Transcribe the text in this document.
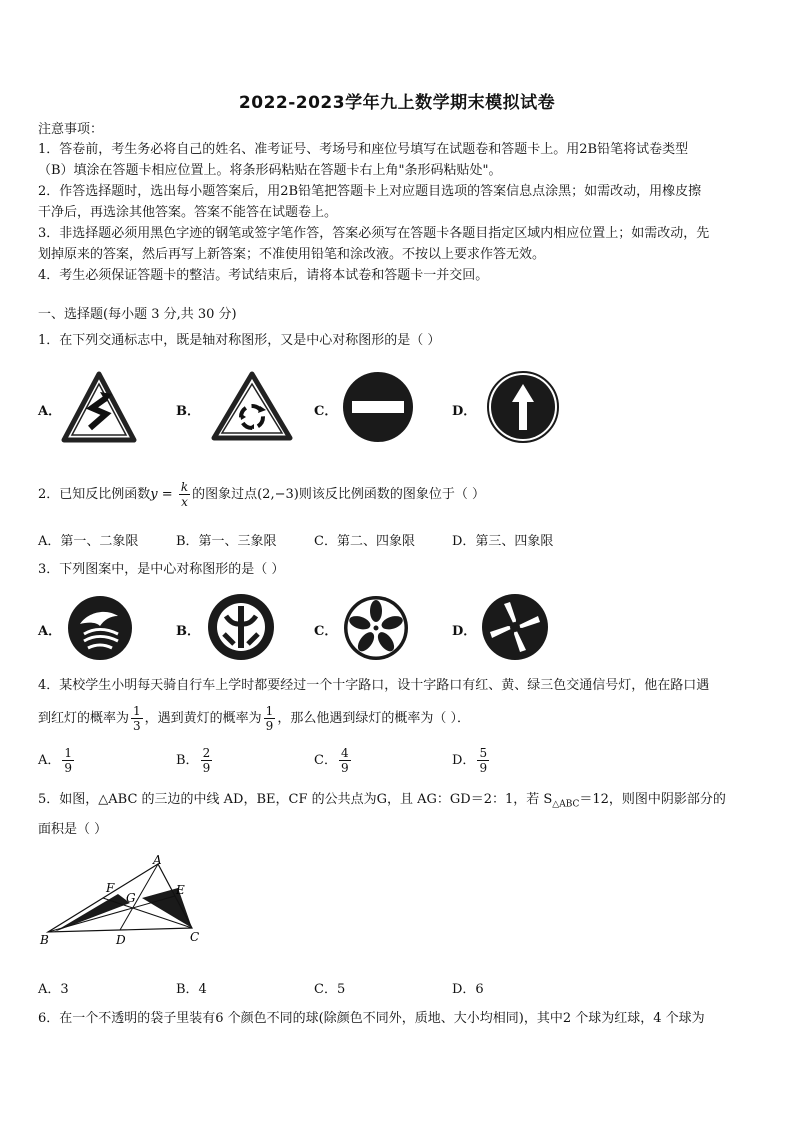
2022-2023学年九上数学期末模拟试卷
注意事项：
1．答卷前，考生务必将自己的姓名、准考证号、考场号和座位号填写在试题卷和答题卡上。用2B铅笔将试卷类型
（B）填涂在答题卡相应位置上。将条形码粘贴在答题卡右上角"条形码粘贴处"。
2．作答选择题时，选出每小题答案后，用2B铅笔把答题卡上对应题目选项的答案信息点涂黑；如需改动，用橡皮擦
干净后，再选涂其他答案。答案不能答在试题卷上。
3．非选择题必须用黑色字迹的钢笔或签字笔作答，答案必须写在答题卡各题目指定区域内相应位置上；如需改动，先
划掉原来的答案，然后再写上新答案；不准使用铅笔和涂改液。不按以上要求作答无效。
4．考生必须保证答题卡的整洁。考试结束后，请将本试卷和答题卡一并交回。
一、选择题(每小题 3 分,共 30 分)
1．在下列交通标志中，既是轴对称图形，又是中心对称图形的是（ ）
A．	B．	C．	D．
2．已知反比例函数$y = \frac{k}{x}$ 的图象过点(2,−3)则该反比例函数的图象位于（ ）
A．第一、二象限	B．第一、三象限	C．第二、四象限	D．第三、四象限
3．下列图案中，是中心对称图形的是（ ）
A．	B．	C．	D．
4．某校学生小明每天骑自行车上学时都要经过一个十字路口，设十字路口有红、黄、绿三色交通信号灯，他在路口遇
到红灯的概率为 $\frac{1}{3}$ ，遇到黄灯的概率为 $\frac{1}{9}$ ，那么他遇到绿灯的概率为（ ）．
A． $\frac{1}{9}$	B． $\frac{2}{9}$	C． $\frac{4}{9}$	D． $\frac{5}{9}$
5．如图，△ABC 的三边的中线 AD，BE，CF 的公共点为G，且 AG：GD＝2：1，若 $S_{\triangle ABC}=12$，则图中阴影部分的
面积是（ ）
A
B	C
D
E
F
G
A．3	B．4	C．5	D．6
6．在一个不透明的袋子里装有6 个颜色不同的球(除颜色不同外，质地、大小均相同)，其中2 个球为红球，4 个球为
